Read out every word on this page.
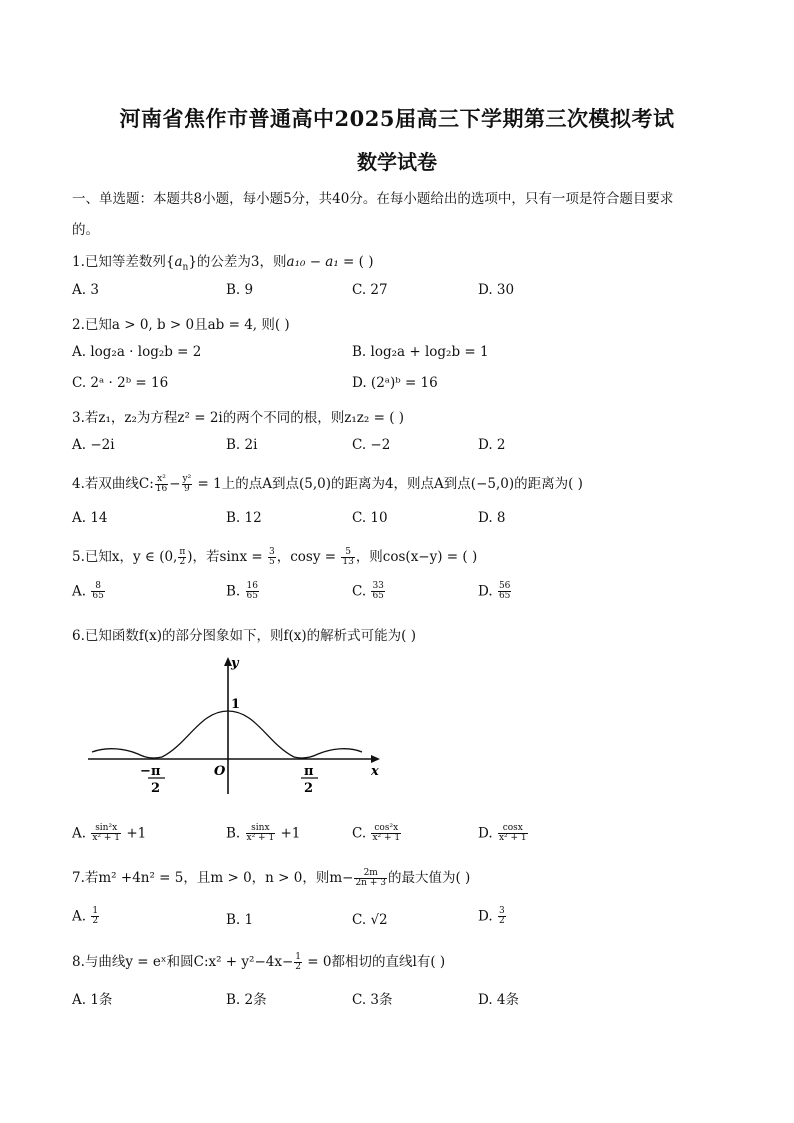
河南省焦作市普通高中2025届高三下学期第三次模拟考试
数学试卷
一、单选题：本题共8小题，每小题5分，共40分。在每小题给出的选项中，只有一项是符合题目要求
的。
1.已知等差数列$\{a_n\}$的公差为3，则a₁₀ − a₁ = ( )
A. 3	B. 9	C. 27	D. 30
2.已知a > 0, b > 0且ab = 4, 则( )
A. log₂a · log₂b = 2	B. log₂a + log₂b = 1
C. 2ᵃ · 2ᵇ = 16	D. (2ᵃ)ᵇ = 16
3.若z₁，z₂为方程z² = 2i的两个不同的根，则z₁z₂ = ( )
A. −2i	B. 2i	C. −2	D. 2
4.若双曲线C: $\frac{\text{x²}}{16} - \frac{\text{y²}}{9} = 1$上的点A到点(5,0)的距离为4，则点A到点(−5,0)的距离为( )
A. 14	B. 12	C. 10	D. 8
5.已知x，y ∈ (0, $\frac{\pi}{2}$ )，若$\sin x = \frac{3}{5}$ ，$\cos y = \frac{5}{13}$ ，则cos(x−y) = ( )
A. $\frac{8}{65}$	B. $\frac{16}{65}$	C. $\frac{33}{65}$	D. $\frac{56}{65}$
6.已知函数f(x)的部分图象如下，则f(x)的解析式可能为( )
y
x
O
1
− π
2
π
2
A. $\frac{\text{sin²x}}{\text{x² + 1}} +1$	B. $\frac{\sin x}{\text{x² + 1}} +1$	C. $\frac{\text{cos²x}}{\text{x² + 1}}$	D. $\frac{\cos x}{\text{x² + 1}}$
7.若m² +4n² = 5，且m > 0，n > 0，则$m- \frac{2m}{2n + 3}$ 的最大值为( )
A. $\frac{1}{2}$	B. 1	C. √2	D. $\frac{3}{2}$
8.与曲线y = eˣ和圆C:x² + $y^2-4x- \frac{1}{2} = 0$都相切的直线l有( )
A. 1条	B. 2条	C. 3条	D. 4条
